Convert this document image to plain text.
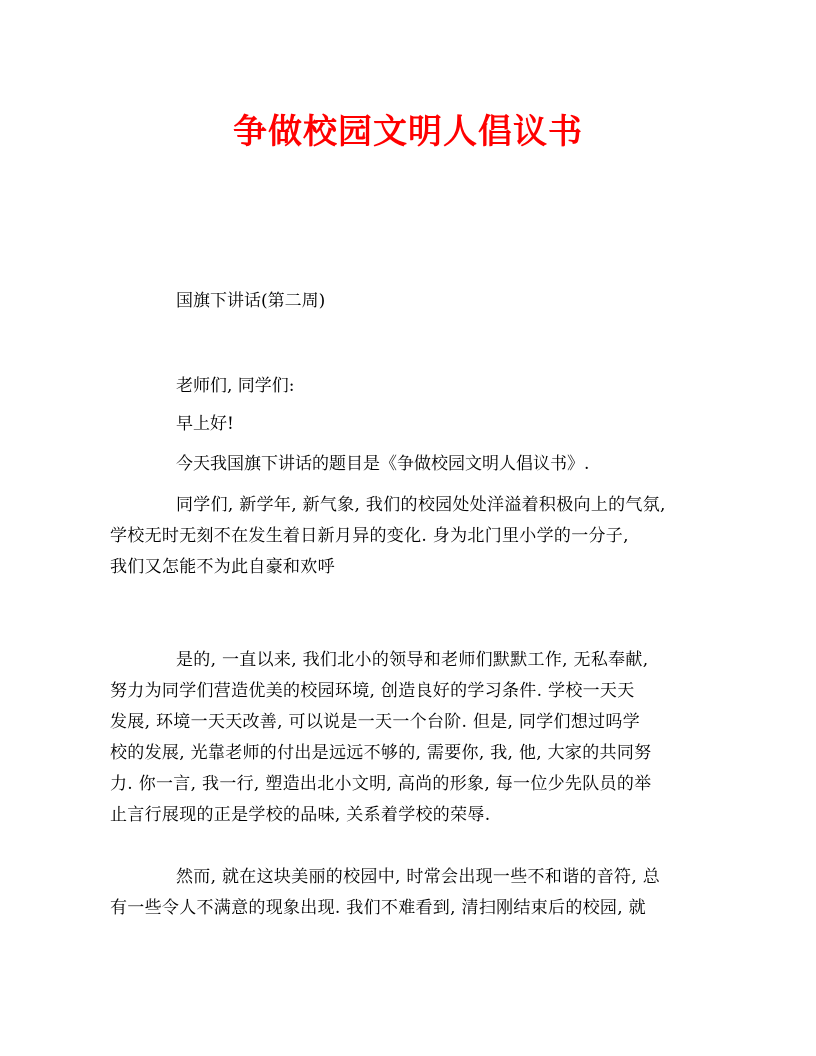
争做校园文明人倡议书
国旗下讲话(第二周)
老师们, 同学们:
早上好!
今天我国旗下讲话的题目是《争做校园文明人倡议书》.
同学们, 新学年, 新气象, 我们的校园处处洋溢着积极向上的气氛,
学校无时无刻不在发生着日新月异的变化. 身为北门里小学的一分子,
我们又怎能不为此自豪和欢呼
是的, 一直以来, 我们北小的领导和老师们默默工作, 无私奉献,
努力为同学们营造优美的校园环境, 创造良好的学习条件. 学校一天天
发展, 环境一天天改善, 可以说是一天一个台阶. 但是, 同学们想过吗学
校的发展, 光靠老师的付出是远远不够的, 需要你, 我, 他, 大家的共同努
力. 你一言, 我一行, 塑造出北小文明, 高尚的形象, 每一位少先队员的举
止言行展现的正是学校的品味, 关系着学校的荣辱.
然而, 就在这块美丽的校园中, 时常会出现一些不和谐的音符, 总
有一些令人不满意的现象出现. 我们不难看到, 清扫刚结束后的校园, 就
